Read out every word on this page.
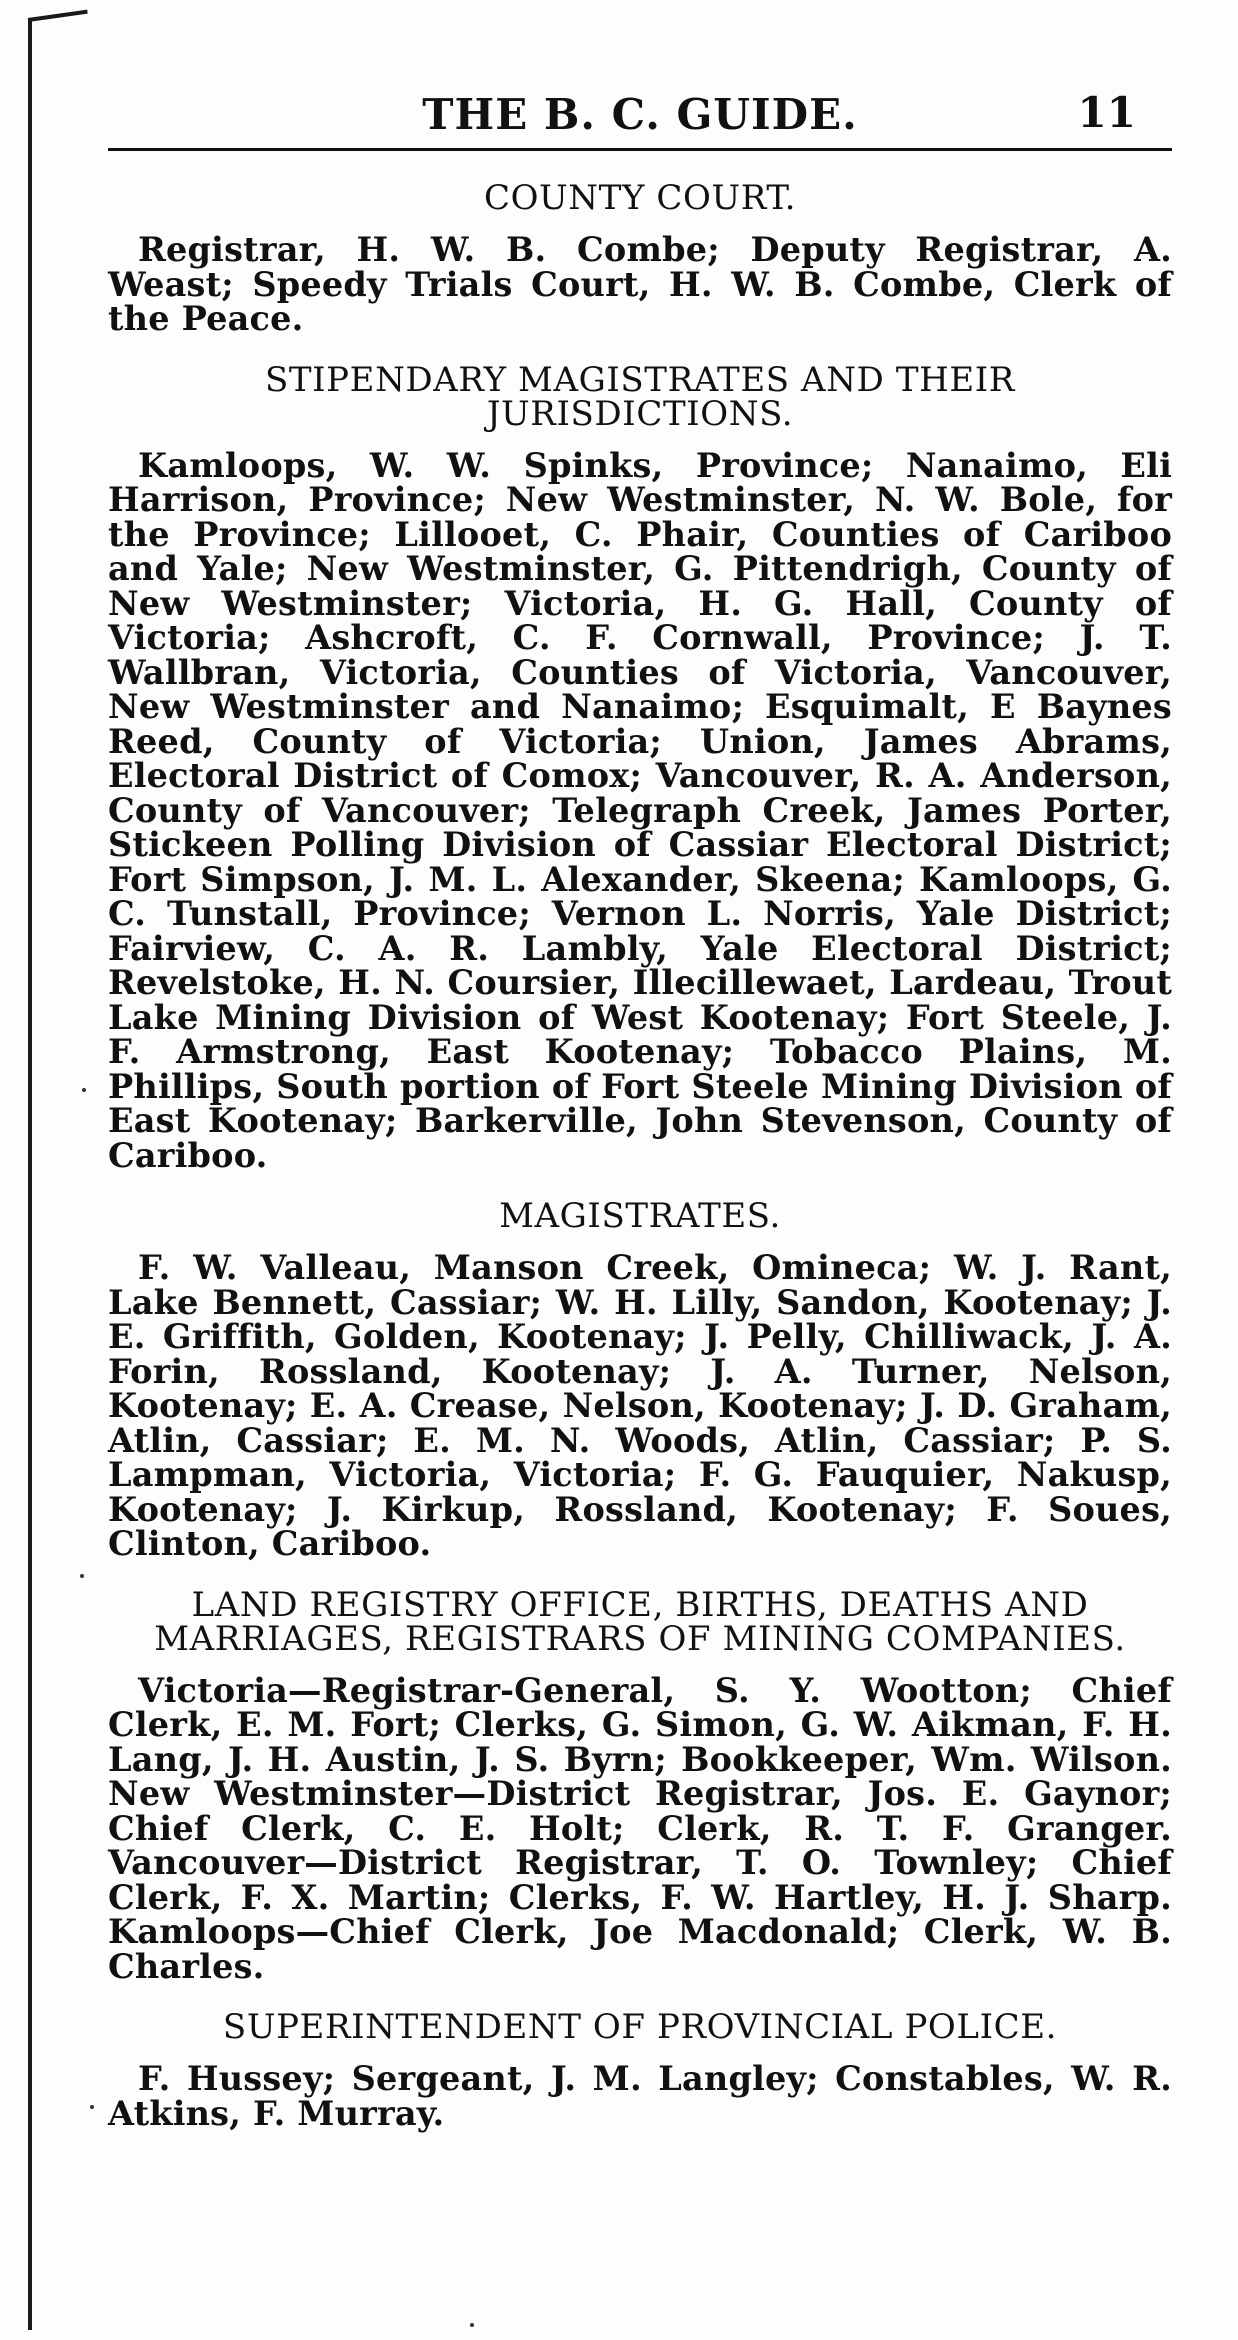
THE B. C. GUIDE.	11
COUNTY COURT.

Registrar, H. W. B. Combe; Deputy Registrar, A. Weast; Speedy Trials Court, H. W. B. Combe, Clerk of the Peace.

STIPENDARY MAGISTRATES AND THEIR JURISDICTIONS.

Kamloops, W. W. Spinks, Province; Nanaimo, Eli Harrison, Province; New Westminster, N. W. Bole, for the Province; Lillooet, C. Phair, Counties of Cariboo and Yale; New Westminster, G. Pittendrigh, County of New Westminster; Victoria, H. G. Hall, County of Victoria; Ashcroft, C. F. Cornwall, Province; J. T. Wallbran, Victoria, Counties of Victoria, Vancouver, New Westminster and Nanaimo; Esquimalt, E Baynes Reed, County of Victoria; Union, James Abrams, Electoral District of Comox; Vancouver, R. A. Anderson, County of Vancouver; Telegraph Creek, James Porter, Stickeen Polling Division of Cassiar Electoral District; Fort Simpson, J. M. L. Alexander, Skeena; Kamloops, G. C. Tunstall, Province; Vernon L. Norris, Yale District; Fairview, C. A. R. Lambly, Yale Electoral District; Revelstoke, H. N. Coursier, Illecillewaet, Lardeau, Trout Lake Mining Division of West Kootenay; Fort Steele, J. F. Armstrong, East Kootenay; Tobacco Plains, M. Phillips, South portion of Fort Steele Mining Division of East Kootenay; Barkerville, John Stevenson, County of Cariboo.

MAGISTRATES.

F. W. Valleau, Manson Creek, Omineca; W. J. Rant, Lake Bennett, Cassiar; W. H. Lilly, Sandon, Kootenay; J. E. Griffith, Golden, Kootenay; J. Pelly, Chilliwack, J. A. Forin, Rossland, Kootenay; J. A. Turner, Nelson, Kootenay; E. A. Crease, Nelson, Kootenay; J. D. Graham, Atlin, Cassiar; E. M. N. Woods, Atlin, Cassiar; P. S. Lampman, Victoria, Victoria; F. G. Fauquier, Nakusp, Kootenay; J. Kirkup, Rossland, Kootenay; F. Soues, Clinton, Cariboo.

LAND REGISTRY OFFICE, BIRTHS, DEATHS AND MARRIAGES, REGISTRARS OF MINING COMPANIES.

Victoria—Registrar-General, S. Y. Wootton; Chief Clerk, E. M. Fort; Clerks, G. Simon, G. W. Aikman, F. H. Lang, J. H. Austin, J. S. Byrn; Bookkeeper, Wm. Wilson. New Westminster—District Registrar, Jos. E. Gaynor; Chief Clerk, C. E. Holt; Clerk, R. T. F. Granger. Vancouver—District Registrar, T. O. Townley; Chief Clerk, F. X. Martin; Clerks, F. W. Hartley, H. J. Sharp. Kamloops—Chief Clerk, Joe Macdonald; Clerk, W. B. Charles.

SUPERINTENDENT OF PROVINCIAL POLICE.

F. Hussey; Sergeant, J. M. Langley; Constables, W. R. Atkins, F. Murray.
